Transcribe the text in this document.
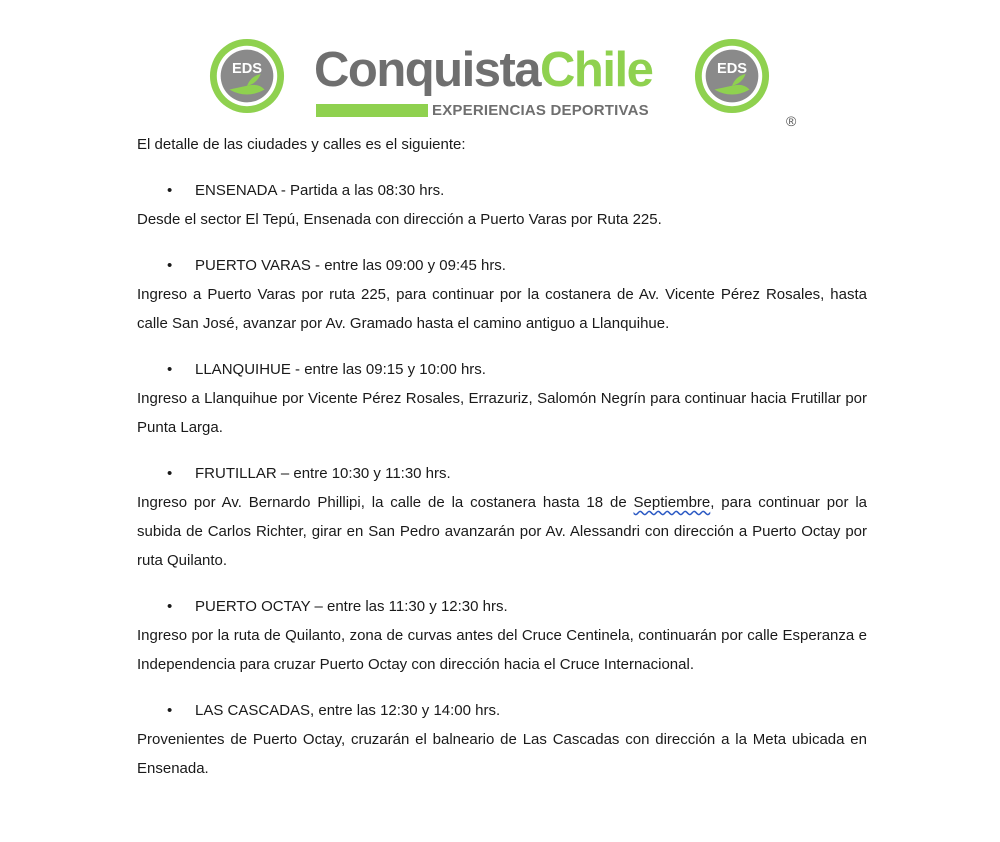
EDS ConquistaChile
EXPERIENCIAS DEPORTIVAS
EDS
®

El detalle de las ciudades y calles es el siguiente:

•	ENSENADA - Partida a las 08:30 hrs.

Desde el sector El Tepú, Ensenada con dirección a Puerto Varas por Ruta 225.

•	PUERTO VARAS - entre las 09:00 y 09:45 hrs.

Ingreso a Puerto Varas por ruta 225, para continuar por la costanera de Av. Vicente Pérez Rosales, hasta calle San José, avanzar por Av. Gramado hasta el camino antiguo a Llanquihue.

•	LLANQUIHUE - entre las 09:15 y 10:00 hrs.

Ingreso a Llanquihue por Vicente Pérez Rosales, Errazuriz, Salomón Negrín para continuar hacia Frutillar por Punta Larga.

•	FRUTILLAR – entre 10:30 y 11:30 hrs.

Ingreso por Av. Bernardo Phillipi, la calle de la costanera hasta 18 de Septiembre, para continuar por la subida de Carlos Richter, girar en San Pedro avanzarán por Av. Alessandri con dirección a Puerto Octay por ruta Quilanto.

•	PUERTO OCTAY – entre las 11:30 y 12:30 hrs.

Ingreso por la ruta de Quilanto, zona de curvas antes del Cruce Centinela, continuarán por calle Esperanza e Independencia para cruzar Puerto Octay con dirección hacia el Cruce Internacional.

•	LAS CASCADAS, entre las 12:30 y 14:00 hrs.

Provenientes de Puerto Octay, cruzarán el balneario de Las Cascadas con dirección a la Meta ubicada en Ensenada.
